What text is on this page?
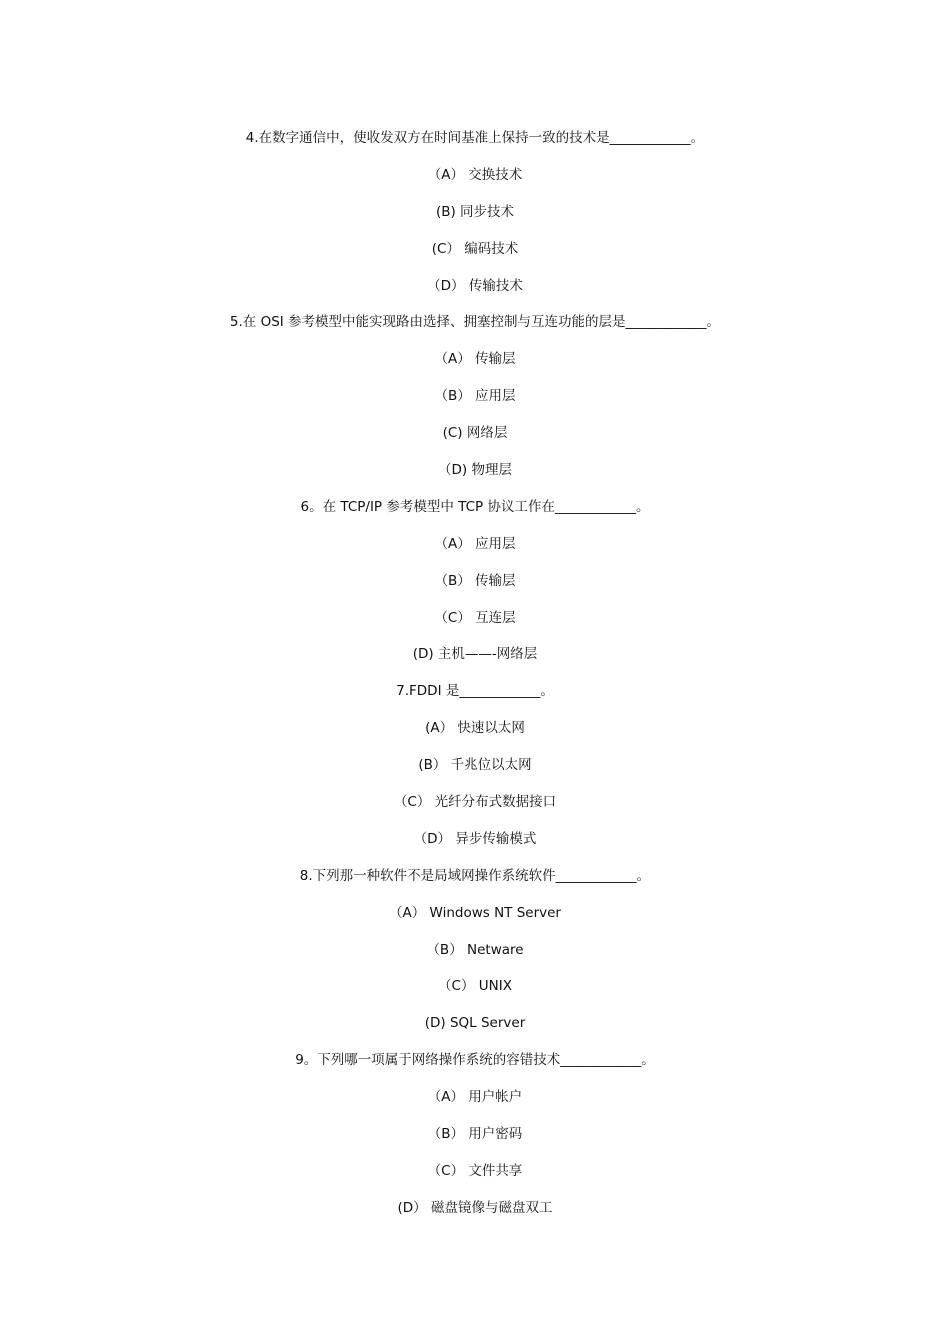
4.在数字通信中，使收发双方在时间基准上保持一致的技术是____________。
（A） 交换技术
(B) 同步技术
(C） 编码技术
（D） 传输技术
5.在 OSI 参考模型中能实现路由选择、拥塞控制与互连功能的层是____________。
（A） 传输层
（B） 应用层
(C) 网络层
（D) 物理层
6。在 TCP/IP 参考模型中 TCP 协议工作在____________。
（A） 应用层
（B） 传输层
（C） 互连层
(D) 主机——-网络层
7.FDDI 是____________。
(A） 快速以太网
(B） 千兆位以太网
（C） 光纤分布式数据接口
（D） 异步传输模式
8.下列那一种软件不是局域网操作系统软件____________。
（A） Windows NT Server
（B） Netware
（C） UNIX
(D) SQL Server
9。下列哪一项属于网络操作系统的容错技术____________。
（A） 用户帐户
（B） 用户密码
（C） 文件共享
(D） 磁盘镜像与磁盘双工
